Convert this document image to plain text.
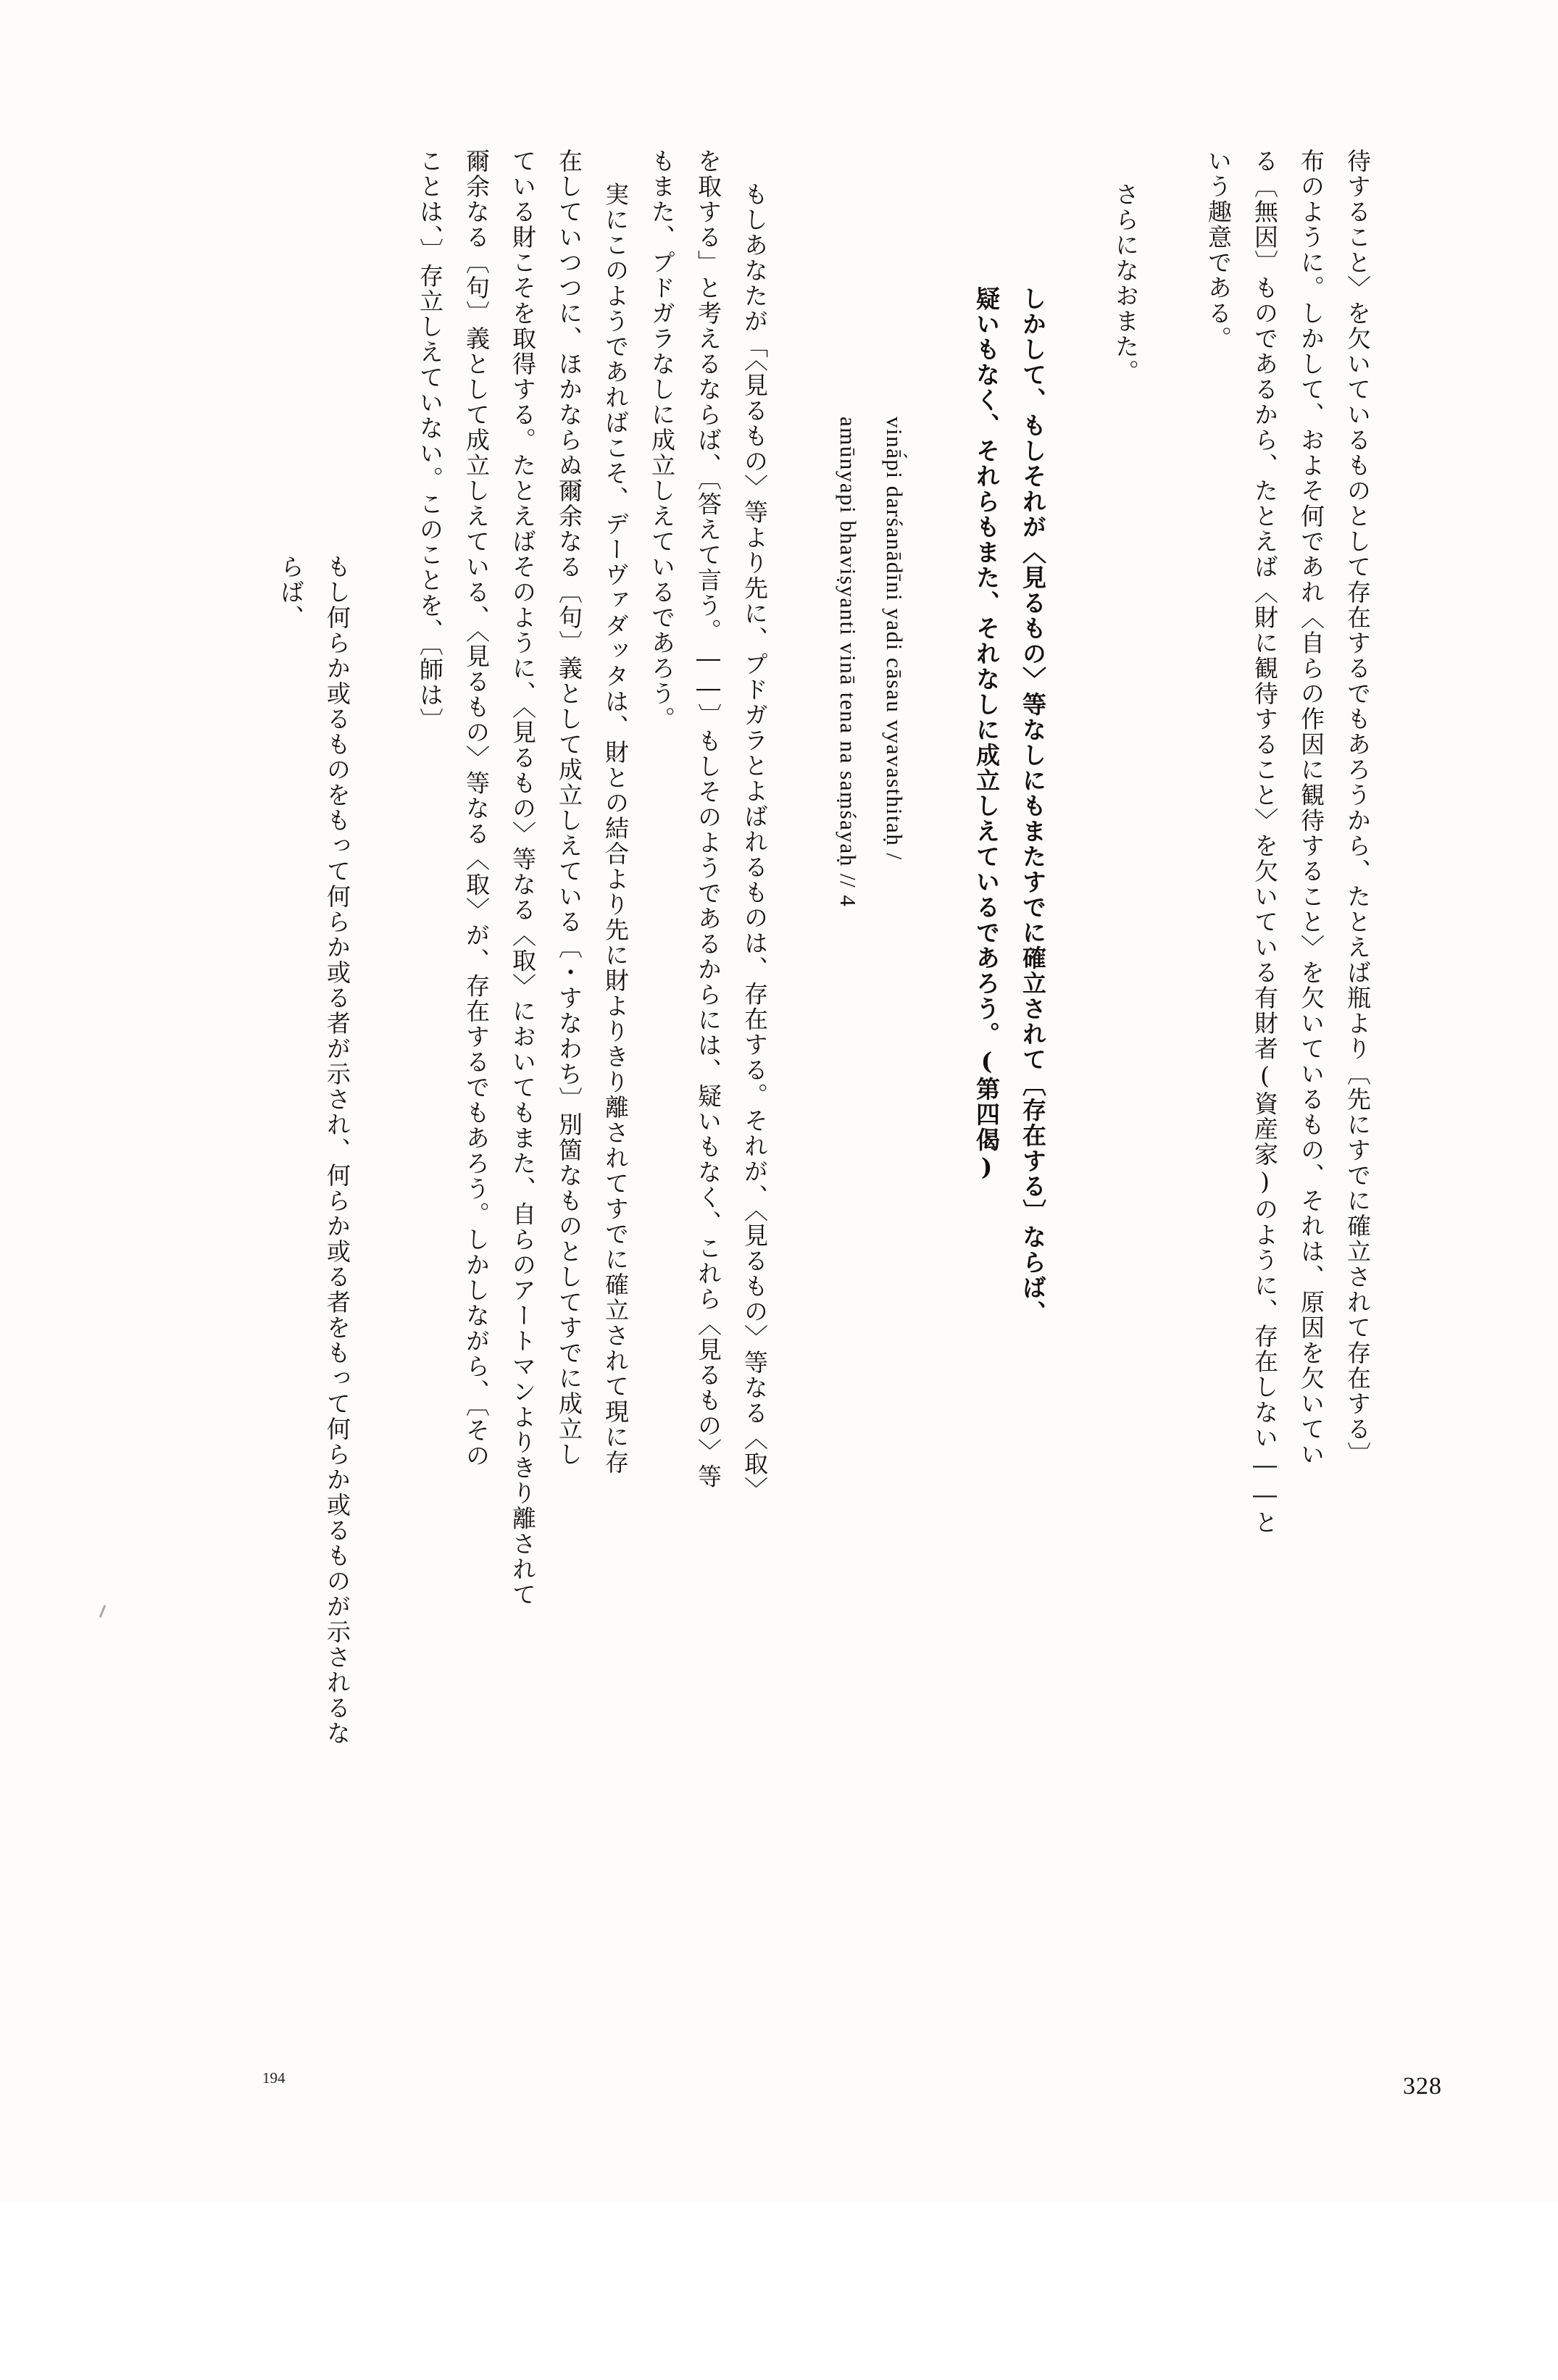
待すること〉を欠いているものとして存在するでもあろうから、たとえば瓶より〔先にすでに確立されて存在する〕
布のように。しかして、およそ何であれ〈自らの作因に観待すること〉を欠いているもの、それは、原因を欠いてい
る〔無因〕ものであるから、たとえば〈財に観待すること〉を欠いている有財者(資産家)のように、存在しない――と
いう趣意である。
さらになおまた。
しかして、もしそれが〈見るもの〉等なしにもまたすでに確立されて〔存在する〕ならば、
疑いもなく、それらもまた、それなしに成立しえているであろう。(第四偈)
vinā́pi darśanādīni yadi cāsau vyavasthitaḥ /
amūnyapi bhaviṣyanti vinā tena na saṃśayaḥ // 4
もしあなたが「〈見るもの〉等より先に、プドガラとよばれるものは、存在する。それが、〈見るもの〉等なる〈取〉
を取する」と考えるならば、〔答えて言う。――〕もしそのようであるからには、疑いもなく、これら〈見るもの〉等
もまた、プドガラなしに成立しえているであろう。
実にこのようであればこそ、デーヴァダッタは、財との結合より先に財よりきり離されてすでに確立されて現に存
在していつつに、ほかならぬ爾余なる〔句〕義として成立しえている〔・すなわち〕別箇なものとしてすでに成立し
ている財こそを取得する。たとえばそのように、〈見るもの〉等なる〈取〉においてもまた、自らのアートマンよりきり離されて
爾余なる〔句〕義として成立しえている、〈見るもの〉等なる〈取〉が、存在するでもあろう。しかしながら、〔その
ことは、〕存立しえていない。このことを、〔師は〕
もし何らか或るものをもって何らか或る者が示され、何らか或る者をもって何らか或るものが示されるな
らば、
328
194
